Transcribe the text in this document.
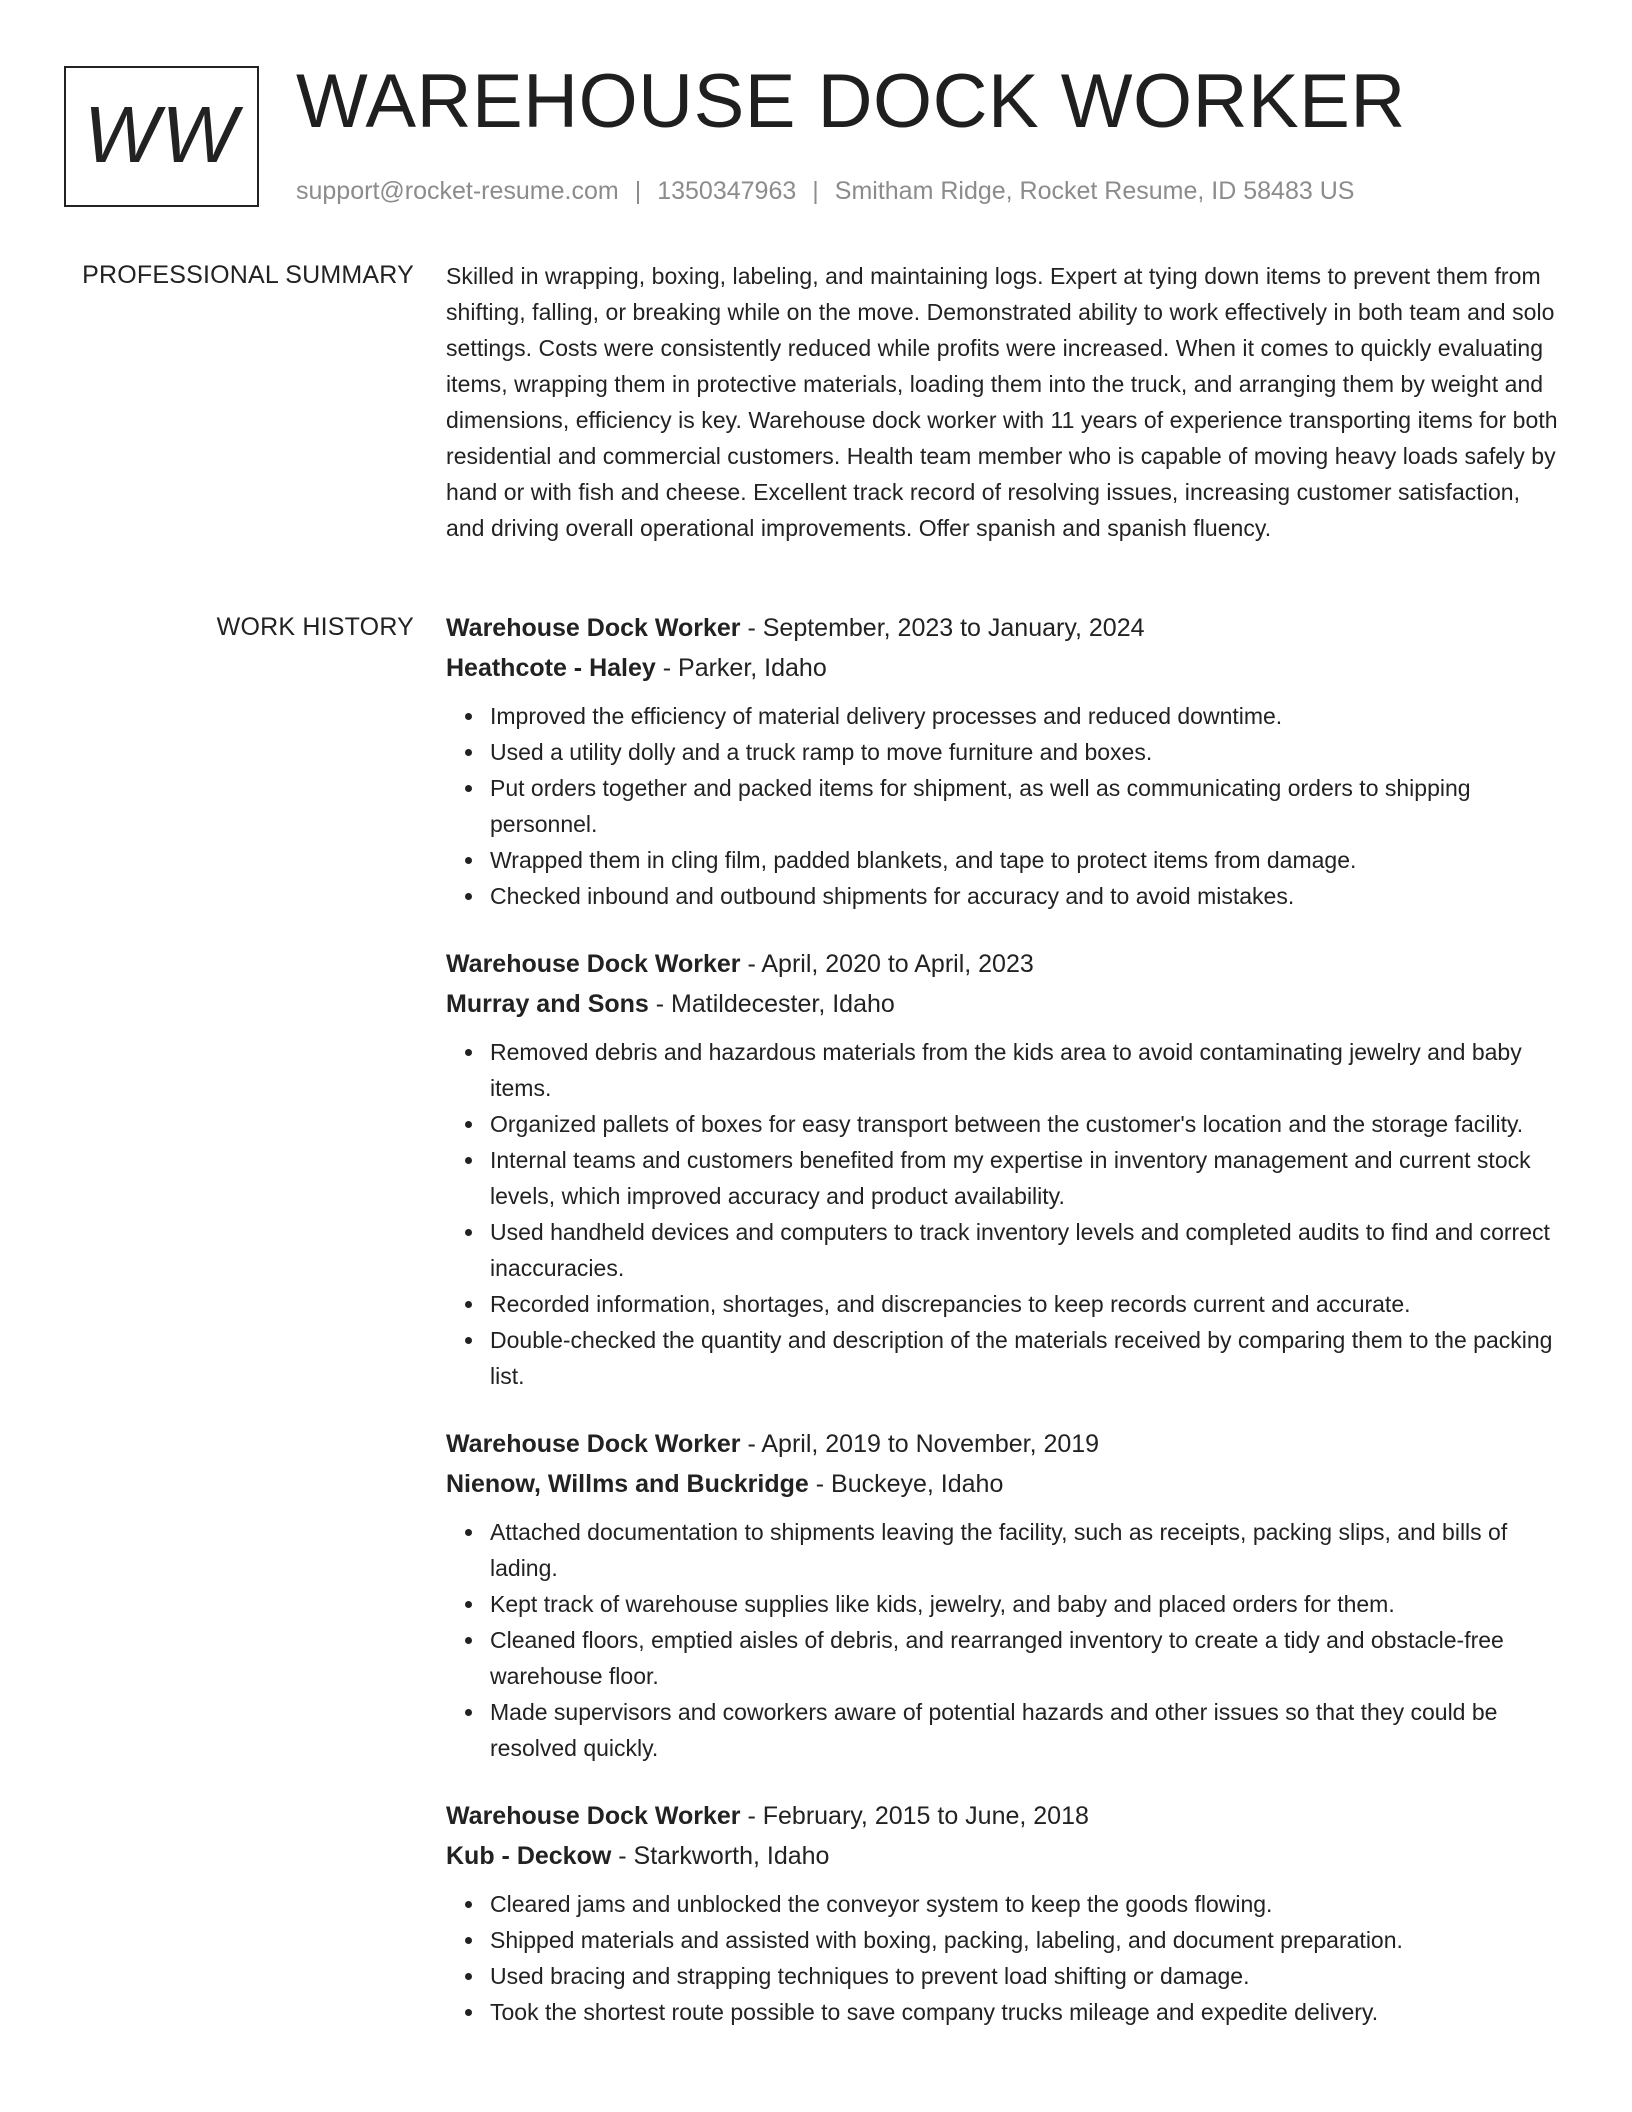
WW WAREHOUSE DOCK WORKER
support@rocket-resume.com | 1350347963 | Smitham Ridge, Rocket Resume, ID 58483 US
PROFESSIONAL SUMMARY Skilled in wrapping, boxing, labeling, and maintaining logs. Expert at tying down items to prevent them from shifting, falling, or breaking while on the move. Demonstrated ability to work effectively in both team and solo settings. Costs were consistently reduced while profits were increased. When it comes to quickly evaluating items, wrapping them in protective materials, loading them into the truck, and arranging them by weight and dimensions, efficiency is key. Warehouse dock worker with 11 years of experience transporting items for both residential and commercial customers. Health team member who is capable of moving heavy loads safely by hand or with fish and cheese. Excellent track record of resolving issues, increasing customer satisfaction, and driving overall operational improvements. Offer spanish and spanish fluency.

WORK HISTORY Warehouse Dock Worker - September, 2023 to January, 2024
Heathcote - Haley - Parker, Idaho
Improved the efficiency of material delivery processes and reduced downtime.
Used a utility dolly and a truck ramp to move furniture and boxes.
Put orders together and packed items for shipment, as well as communicating orders to shipping personnel.
Wrapped them in cling film, padded blankets, and tape to protect items from damage.
Checked inbound and outbound shipments for accuracy and to avoid mistakes.
Warehouse Dock Worker - April, 2020 to April, 2023
Murray and Sons - Matildecester, Idaho
Removed debris and hazardous materials from the kids area to avoid contaminating jewelry and baby items.
Organized pallets of boxes for easy transport between the customer's location and the storage facility.
Internal teams and customers benefited from my expertise in inventory management and current stock levels, which improved accuracy and product availability.
Used handheld devices and computers to track inventory levels and completed audits to find and correct inaccuracies.
Recorded information, shortages, and discrepancies to keep records current and accurate.
Double-checked the quantity and description of the materials received by comparing them to the packing list.
Warehouse Dock Worker - April, 2019 to November, 2019
Nienow, Willms and Buckridge - Buckeye, Idaho
Attached documentation to shipments leaving the facility, such as receipts, packing slips, and bills of lading.
Kept track of warehouse supplies like kids, jewelry, and baby and placed orders for them.
Cleaned floors, emptied aisles of debris, and rearranged inventory to create a tidy and obstacle-free warehouse floor.
Made supervisors and coworkers aware of potential hazards and other issues so that they could be resolved quickly.
Warehouse Dock Worker - February, 2015 to June, 2018
Kub - Deckow - Starkworth, Idaho
Cleared jams and unblocked the conveyor system to keep the goods flowing.
Shipped materials and assisted with boxing, packing, labeling, and document preparation.
Used bracing and strapping techniques to prevent load shifting or damage.
Took the shortest route possible to save company trucks mileage and expedite delivery.
